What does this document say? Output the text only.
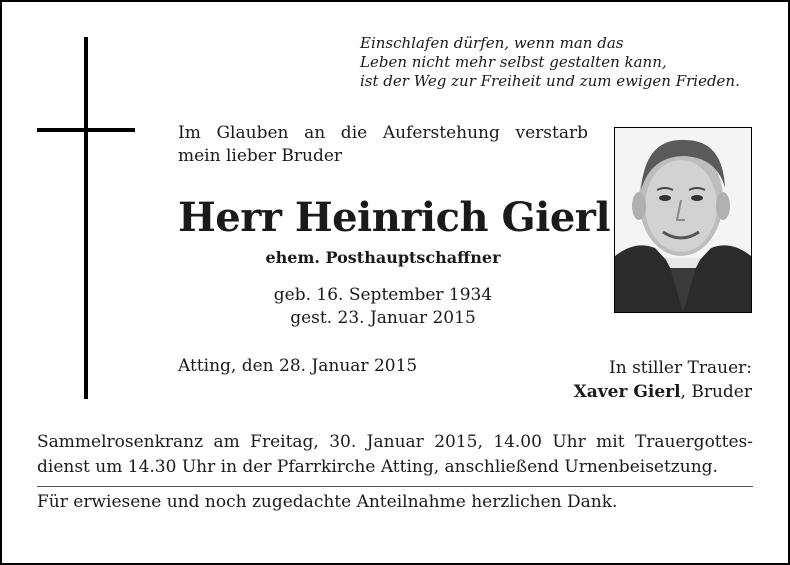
Einschlafen dürfen, wenn man das
Leben nicht mehr selbst gestalten kann,
ist der Weg zur Freiheit und zum ewigen Frieden.
Im Glauben an die Auferstehung verstarb
mein lieber Bruder
Herr Heinrich Gierl
ehem. Posthauptschaffner
geb. 16. September 1934
gest. 23. Januar 2015
Atting, den 28. Januar 2015	In stiller Trauer:
Xaver Gierl, Bruder
Sammelrosenkranz am Freitag, 30. Januar 2015, 14.00 Uhr mit Trauergottes-
dienst um 14.30 Uhr in der Pfarrkirche Atting, anschließend Urnenbeisetzung.
Für erwiesene und noch zugedachte Anteilnahme herzlichen Dank.
